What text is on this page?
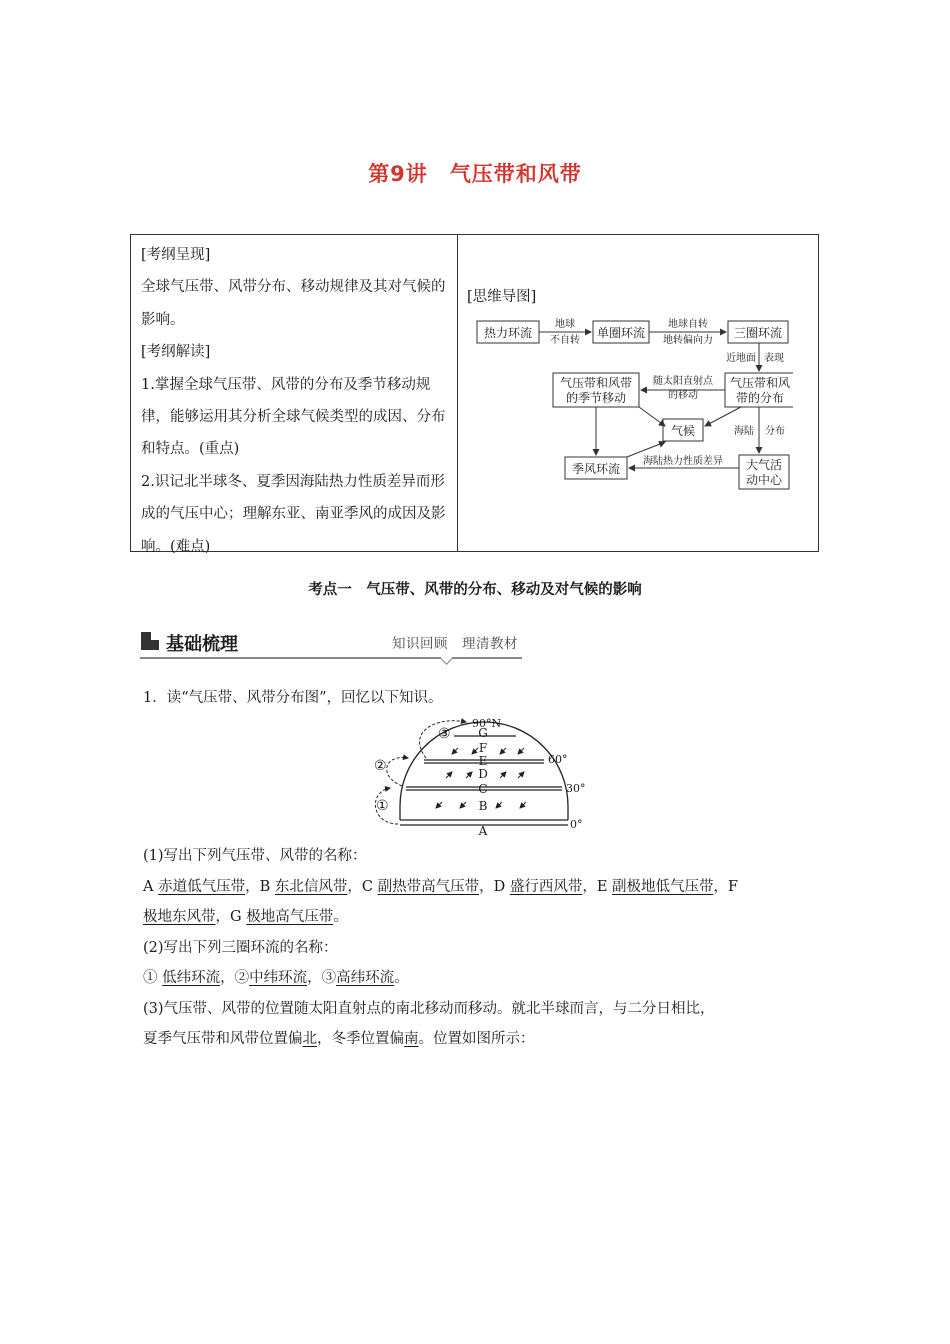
第9讲 气压带和风带

[考纲呈现]

全球气压带、风带分布、移动规律及其对气候的影响。

[考纲解读]

1.掌握全球气压带、风带的分布及季节移动规律，能够运用其分析全球气候类型的成因、分布和特点。(重点)

2.识记北半球冬、夏季因海陆热力性质差异而形成的气压中心；理解东亚、南亚季风的成因及影响。(难点)

[思维导图]
热力环流	单圈环流	三圈环流
气压带和风
带的分布
气压带和风带
的季节移动
气候
季风环流	大气活
动中心
地球
不自转
地球自转
地转偏向力
近地面 表现
随太阳直射点
的移动
海陆 分布
海陆热力性质差异
考点一　气压带、风带的分布、移动及对气候的影响
基础梳理	知识回顾　理清教材
1．读“气压带、风带分布图”，回忆以下知识。
A
B
C
D
E
F
G
90°N
60°
30°
0°
①
②
③

(1)写出下列气压带、风带的名称：

A 赤道低气压带，B 东北信风带，C 副热带高气压带，D 盛行西风带，E 副极地低气压带，F

极地东风带，G 极地高气压带。

(2)写出下列三圈环流的名称：

① 低纬环流，②中纬环流，③高纬环流。

(3)气压带、风带的位置随太阳直射点的南北移动而移动。就北半球而言，与二分日相比，

夏季气压带和风带位置偏北，冬季位置偏南。位置如图所示：
